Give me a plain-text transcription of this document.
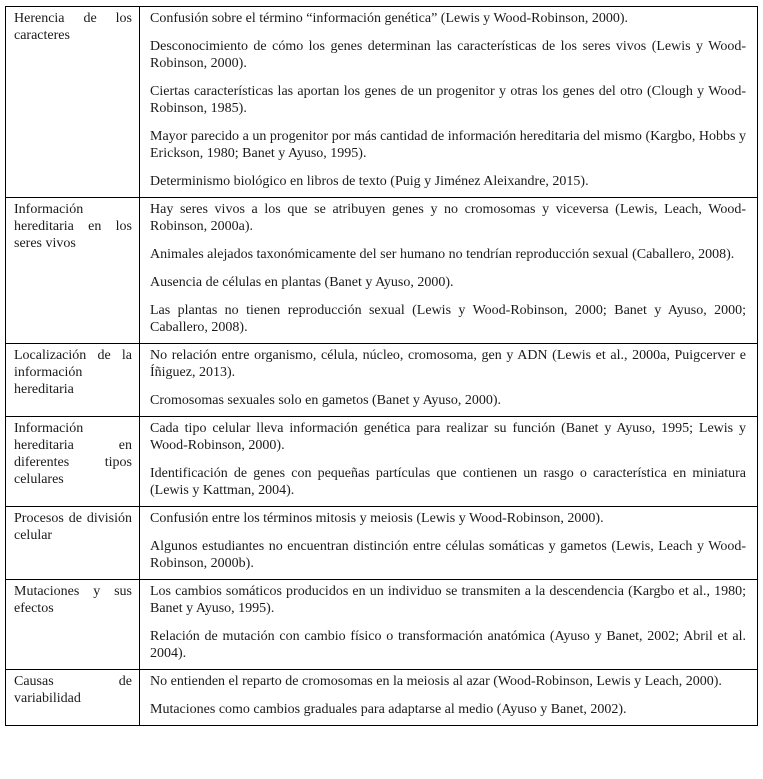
Herencia de los caracteres	Confusión sobre el término “información genética” (Lewis y Wood-Robinson, 2000).

Desconocimiento de cómo los genes determinan las características de los seres vivos (Lewis y Wood-Robinson, 2000).

Ciertas características las aportan los genes de un progenitor y otras los genes del otro (Clough y Wood-Robinson, 1985).

Mayor parecido a un progenitor por más cantidad de información hereditaria del mismo (Kargbo, Hobbs y Erickson, 1980; Banet y Ayuso, 1995).

Determinismo biológico en libros de texto (Puig y Jiménez Aleixandre, 2015).

Información hereditaria en los seres vivos	Hay seres vivos a los que se atribuyen genes y no cromosomas y viceversa (Lewis, Leach, Wood-Robinson, 2000a).

Animales alejados taxonómicamente del ser humano no tendrían reproducción sexual (Caballero, 2008).

Ausencia de células en plantas (Banet y Ayuso, 2000).

Las plantas no tienen reproducción sexual (Lewis y Wood-Robinson, 2000; Banet y Ayuso, 2000; Caballero, 2008).

Localización de la información hereditaria	No relación entre organismo, célula, núcleo, cromosoma, gen y ADN (Lewis et al., 2000a, Puigcerver e Íñiguez, 2013).

Cromosomas sexuales solo en gametos (Banet y Ayuso, 2000).

Información hereditaria en diferentes tipos celulares	Cada tipo celular lleva información genética para realizar su función (Banet y Ayuso, 1995; Lewis y Wood-Robinson, 2000).

Identificación de genes con pequeñas partículas que contienen un rasgo o característica en miniatura (Lewis y Kattman, 2004).

Procesos de división celular	Confusión entre los términos mitosis y meiosis (Lewis y Wood-Robinson, 2000).

Algunos estudiantes no encuentran distinción entre células somáticas y gametos (Lewis, Leach y Wood-Robinson, 2000b).

Mutaciones y sus efectos	Los cambios somáticos producidos en un individuo se transmiten a la descendencia (Kargbo et al., 1980; Banet y Ayuso, 1995).

Relación de mutación con cambio físico o transformación anatómica (Ayuso y Banet, 2002; Abril et al. 2004).

Causas de variabilidad	No entienden el reparto de cromosomas en la meiosis al azar (Wood-Robinson, Lewis y Leach, 2000).

Mutaciones como cambios graduales para adaptarse al medio (Ayuso y Banet, 2002).
